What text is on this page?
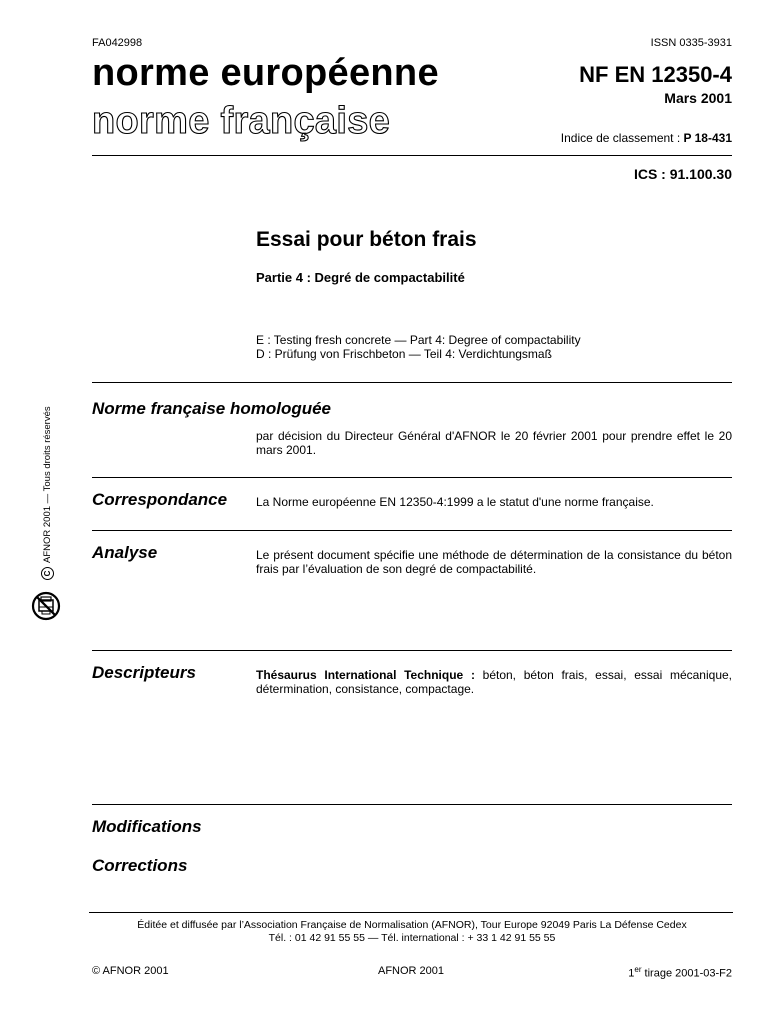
FA042998	ISSN 0335-3931
norme européenne
norme française
NF EN 12350-4
Mars 2001
Indice de classement : P 18-431
ICS : 91.100.30
Essai pour béton frais
Partie 4 : Degré de compactabilité
E : Testing fresh concrete — Part 4: Degree of compactability
D : Prüfung von Frischbeton — Teil 4: Verdichtungsmaß
Norme française homologuée
par décision du Directeur Général d'AFNOR le 20 février 2001 pour prendre effet le 20 mars 2001.
Correspondance La Norme européenne EN 12350-4:1999 a le statut d'une norme française.
Analyse	Le présent document spécifie une méthode de détermination de la consistance du béton frais par l’évaluation de son degré de compactabilité.
Descripteurs	Thésaurus International Technique : béton, béton frais, essai, essai mécanique, détermination, consistance, compactage.
Modifications
Corrections
Éditée et diffusée par l’Association Française de Normalisation (AFNOR), Tour Europe 92049 Paris La Défense Cedex
Tél. : 01 42 91 55 55 — Tél. international : + 33 1 42 91 55 55
© AFNOR 2001	AFNOR 2001	1er tirage 2001-03-F2
C
AFNOR 2001 — Tous droits réservés
